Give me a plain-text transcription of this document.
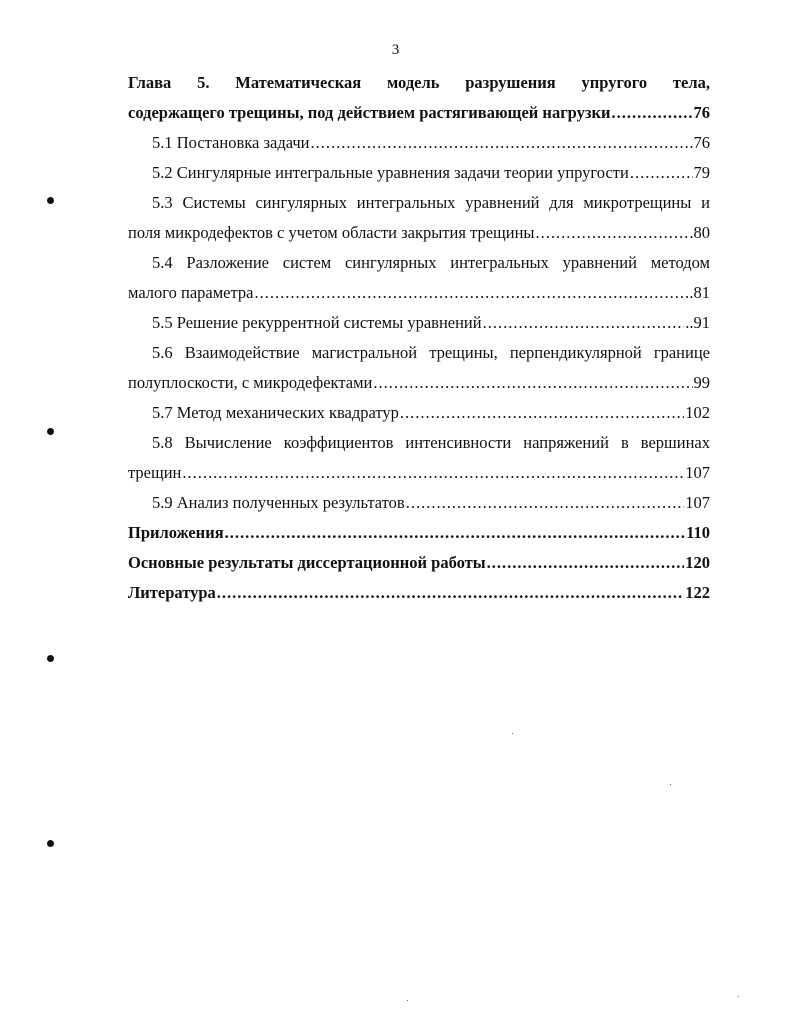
3
Глава 5. Математическая модель разрушения упругого тела,
содержащего трещины, под действием растягивающей нагрузки .....	76
5.1 Постановка задачи .....	.76
5.2 Сингулярные интегральные уравнения задачи теории упругости .....	79
5.3 Системы сингулярных интегральных уравнений для микротрещины и
поля микродефектов с учетом области закрытия трещины .....	.80
5.4 Разложение систем сингулярных интегральных уравнений методом
малого параметра .....	.81
5.5 Решение рекуррентной системы уравнений .....	..91
5.6 Взаимодействие магистральной трещины, перпендикулярной границе
полуплоскости, с микродефектами .....	99
5.7 Метод механических квадратур .....	102
5.8 Вычисление коэффициентов интенсивности напряжений в вершинах
трещин .....	107
5.9 Анализ полученных результатов .....	107
Приложения .....	110
Основные результаты диссертационной работы .....	120
Литература .....	122
